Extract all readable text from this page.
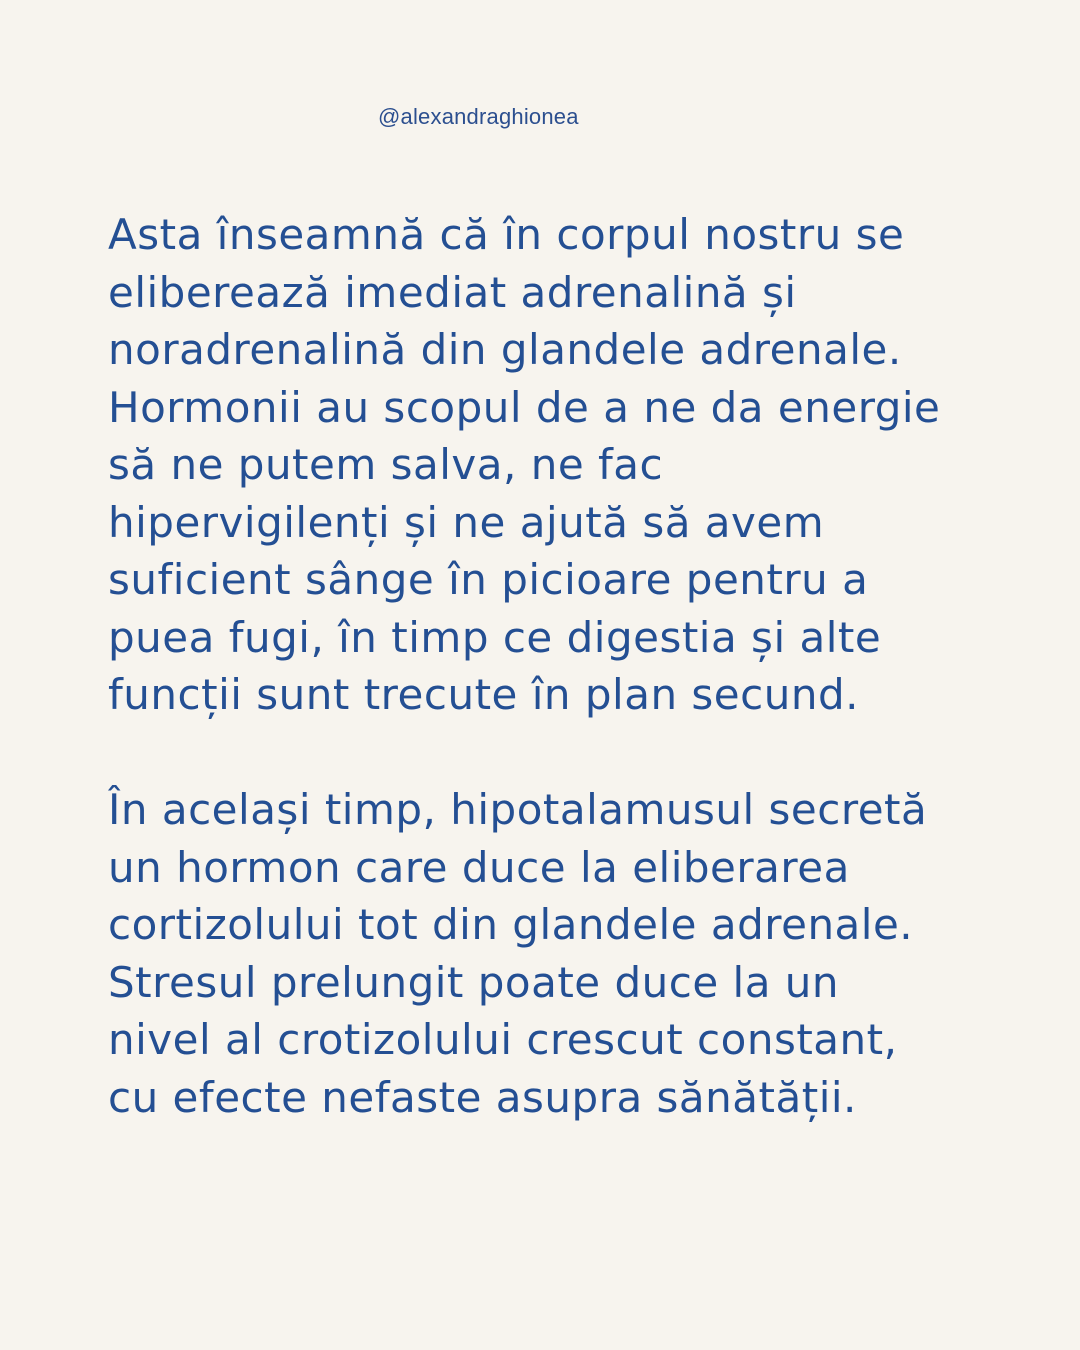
@alexandraghionea
Asta înseamnă că în corpul nostru se
eliberează imediat adrenalină și
noradrenalină din glandele adrenale.
Hormonii au scopul de a ne da energie
să ne putem salva, ne fac
hipervigilenți și ne ajută să avem
suficient sânge în picioare pentru a
puea fugi, în timp ce digestia și alte
funcții sunt trecute în plan secund.
În același timp, hipotalamusul secretă
un hormon care duce la eliberarea
cortizolului tot din glandele adrenale.
Stresul prelungit poate duce la un
nivel al crotizolului crescut constant,
cu efecte nefaste asupra sănătății.
